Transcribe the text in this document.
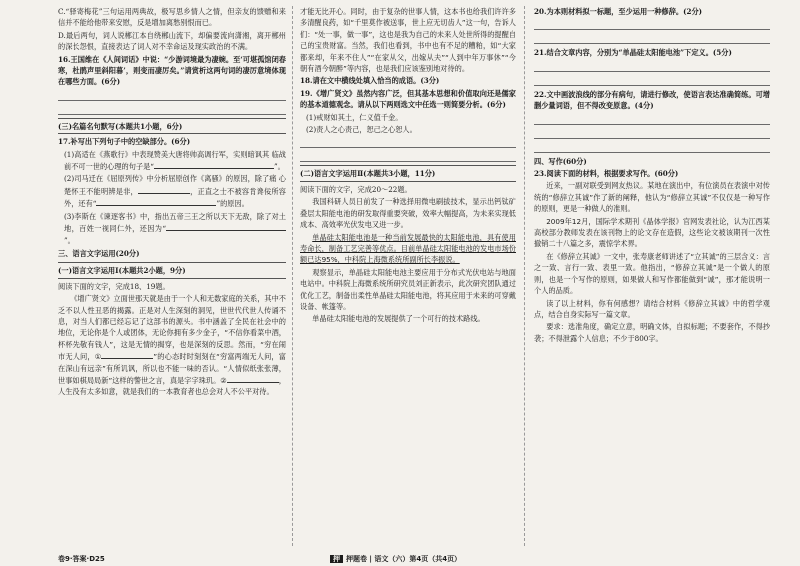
C.“驿寄梅花”三句运用两典故，极写思乡情人之情，但亲友的馈赠和来信并不能给他带来安慰，反是增加离愁别恨而已。

D.最后两句，词人说郴江本自绕郴山流下，却偏要流向潇湘，离开郴州的深长怨恨，直接表达了词人对不幸命运及现实政治的不满。

16.王国维在《人间词话》中说：“少游词境最为凄婉。至‘可堪孤馆闭春寒，杜鹃声里斜阳暮’，则变而凄厉矣。”请赏析这两句词的凄厉意境体现在哪些方面。(6分)

(三)名篇名句默写(本题共1小题，6分)

17.补写出下列句子中的空缺部分。(6分)

(1)高适在《燕歌行》中表现赞美大唐将帅高调行军，实则暗讽其 临战前不可一世的心理的句子是“	”。

(2)司马迁在《屈原列传》中分析屈原创作《离骚》的原因，除了痛 心楚怀王不能明辨是非，	，正直之士不被容肯谗佞所容外，还有“	”的原因。

(3)李斯在《谏逐客书》中，指出五帝三王之所以天下无敌，除了对土 地，百姓一视同仁外，还因为“”。

三、语言文字运用(20分)

(一)语言文字运用Ⅰ(本题共2小题，9分)

阅读下面的文字，完成18、19题。

《增广贤文》立面世那天就是由于一个人和无数家庭的关系，其中不乏不以人性丑恶的揭露。正是对人生深刻的洞见，世世代代世人传诵不息，对当人们都已经忘记了这部书的源头。书中涵盖了全民在社会中的地位，无论你是个人或团体，无论你拥有多少金子，“不信你看菜中酒，杯杯先敬有钱人”，这是无情的揭穿，也是深刻的反思。然而，“穷在闹市无人问，①	”的心态时时刻刻在“穷富两端无人问，富在深山有远亲”有所讥讽，所以也不能一味的否认。“人情似纸张张薄，世事如棋局局新”这样的警世之言，真是字字珠玑。②	，人生没有太多如意，就是我们的一本教育者也总会对人不公平对待。

卷9·答案·D25

才能无比开心。同时，由于复杂的世事人情，这本书也给我们许许多多清醒良药，如“千里莫作被送事，世上应无切齿人”这一句，告诉人们：“处一事，做一事”，这也是我为自己的未来人处世所得的提醒自己的宝贵财富。当然，我们也看到，书中也有不足的糟粕，如“大家都来却，年来不住人”“在家从父，出嫁从夫”“人到中年万事休”“今朝有酒今朝醉”等内容，也是我们应该鉴别地对待的。

18.请在文中横线处填入恰当的成语。(3分)

19.《增广贤文》虽然内容广泛，但其基本思想和价值取向还是儒家的基本道德观念。请从以下两则选文中任选一则简要分析。(6分)

(1)戒财如其土，仁义值千金。

(2)责人之心责己，恕己之心恕人。

(二)语言文字运用Ⅱ(本题共3小题，11分)

阅读下面的文字，完成20～22题。

我国科研人员日前发了一种选择用微电刷拔技术，显示出钙钛矿叠层太阳能电池的研发取得重要突破，效率大幅提高，为未来实现低成本、高效率光伏发电又进一步。

单晶硅太阳能电池是一种当前发展最快的太阳能电池，具有使用寿命长，制备工艺完善等优点。目前单晶硅太阳能电池的发电市场份额已达95%，中科院上海微系统所副所长李振说。

观察显示，单晶硅太阳能电池主要应用于分布式光伏电站与地面电站中。中科院上海微系统所研究员刘正新表示，此次研究团队通过优化工艺，制备出柔性单晶硅太阳能电池，将其应用于未来的可穿戴设备、帐篷等。

单晶硅太阳能电池的发展提供了一个可行的技术路线。

押 押题卷 | 语文（六）第4页（共4页）

20.为本则材料拟一标题，至少运用一种修辞。(2分)

21.结合文章内容，分别为“单晶硅太阳能电池”下定义。(5分)

22.文中画波浪线的部分有病句，请进行修改，使语言表达准确简练。可增删少量词语，但不得改变原意。(4分)

四、写作(60分)

23.阅读下面的材料，根据要求写作。(60分)

近来，一副对联受到网友热议。某地在演出中，有位演员在表演中对传统的“修辞立其诚”作了新的阐释，他认为“修辞立其诚”不仅仅是一种写作的原则，更是一种做人的准则。

2009年12月，国际学术期刊《晶体学报》官网发表社论，认为江西某高校部分教师发表在该刊物上的论文存在造假，这些论文被该期刊一次性撤销二十八篇之多，震惊学术界。

在《修辞立其诚》一文中，张寿康老师讲述了“立其诚”的三层含义：言之一致、言行一致、表里一致。他指出，“修辞立其诚”是一个做人的原则，也是一个写作的原则，如果做人和写作都能做到“诚”，那才能说明一个人的品质。

读了以上材料，你有何感想？请结合材料《修辞立其诚》中的哲学观点，结合自身实际写一篇文章。

要求：选准角度，确定立意，明确文体，自拟标题；不要套作，不得抄袭；不得泄露个人信息；不少于800字。
